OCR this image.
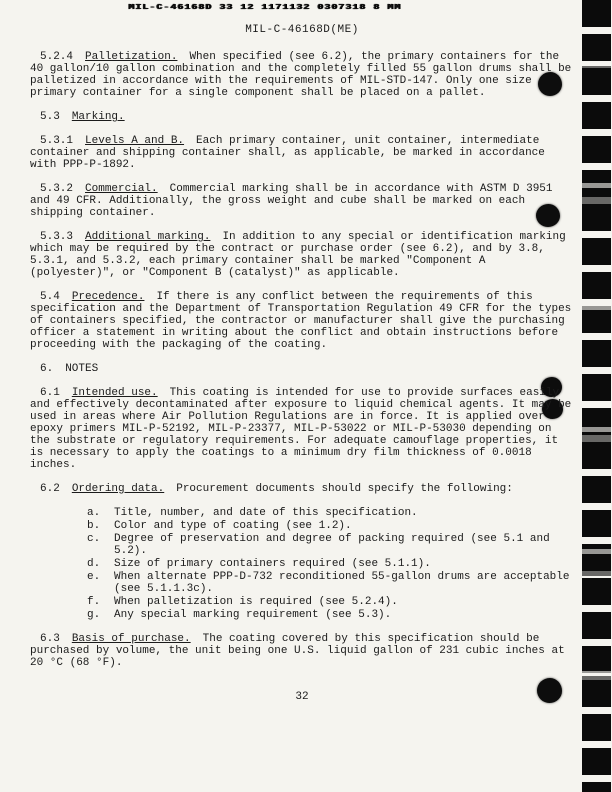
MIL-C-46168D 33 12 1171132 0307318 8 MM
MIL-C-46168D(ME)

5.2.4 Palletization. When specified (see 6.2), the primary containers for the 40 gallon/10 gallon combination and the completely filled 55 gallon drums shall be palletized in accordance with the requirements of MIL-STD-147. Only one size primary container for a single component shall be placed on a pallet.

5.3 Marking.

5.3.1 Levels A and B. Each primary container, unit container, intermediate container and shipping container shall, as applicable, be marked in accordance with PPP-P-1892.

5.3.2 Commercial. Commercial marking shall be in accordance with ASTM D 3951 and 49 CFR. Additionally, the gross weight and cube shall be marked on each shipping container.

5.3.3 Additional marking. In addition to any special or identification marking which may be required by the contract or purchase order (see 6.2), and by 3.8, 5.3.1, and 5.3.2, each primary container shall be marked "Component A (polyester)", or "Component B (catalyst)" as applicable.

5.4 Precedence. If there is any conflict between the requirements of this specification and the Department of Transportation Regulation 49 CFR for the types of containers specified, the contractor or manufacturer shall give the purchasing officer a statement in writing about the conflict and obtain instructions before proceeding with the packaging of the coating.

6. NOTES

6.1 Intended use. This coating is intended for use to provide surfaces easily and effectively decontaminated after exposure to liquid chemical agents. It may be used in areas where Air Pollution Regulations are in force. It is applied over epoxy primers MIL-P-52192, MIL-P-23377, MIL-P-53022 or MIL-P-53030 depending on the substrate or regulatory requirements. For adequate camouflage properties, it is necessary to apply the coatings to a minimum dry film thickness of 0.0018 inches.

6.2 Ordering data. Procurement documents should specify the following:

a. Title, number, and date of this specification.
b. Color and type of coating (see 1.2).
c. Degree of preservation and degree of packing required (see 5.1 and 5.2).
d. Size of primary containers required (see 5.1.1).
e. When alternate PPP-D-732 reconditioned 55-gallon drums are acceptable (see 5.1.1.3c).
f. When palletization is required (see 5.2.4).
g. Any special marking requirement (see 5.3).

6.3 Basis of purchase. The coating covered by this specification should be purchased by volume, the unit being one U.S. liquid gallon of 231 cubic inches at 20 °C (68 °F).

32
